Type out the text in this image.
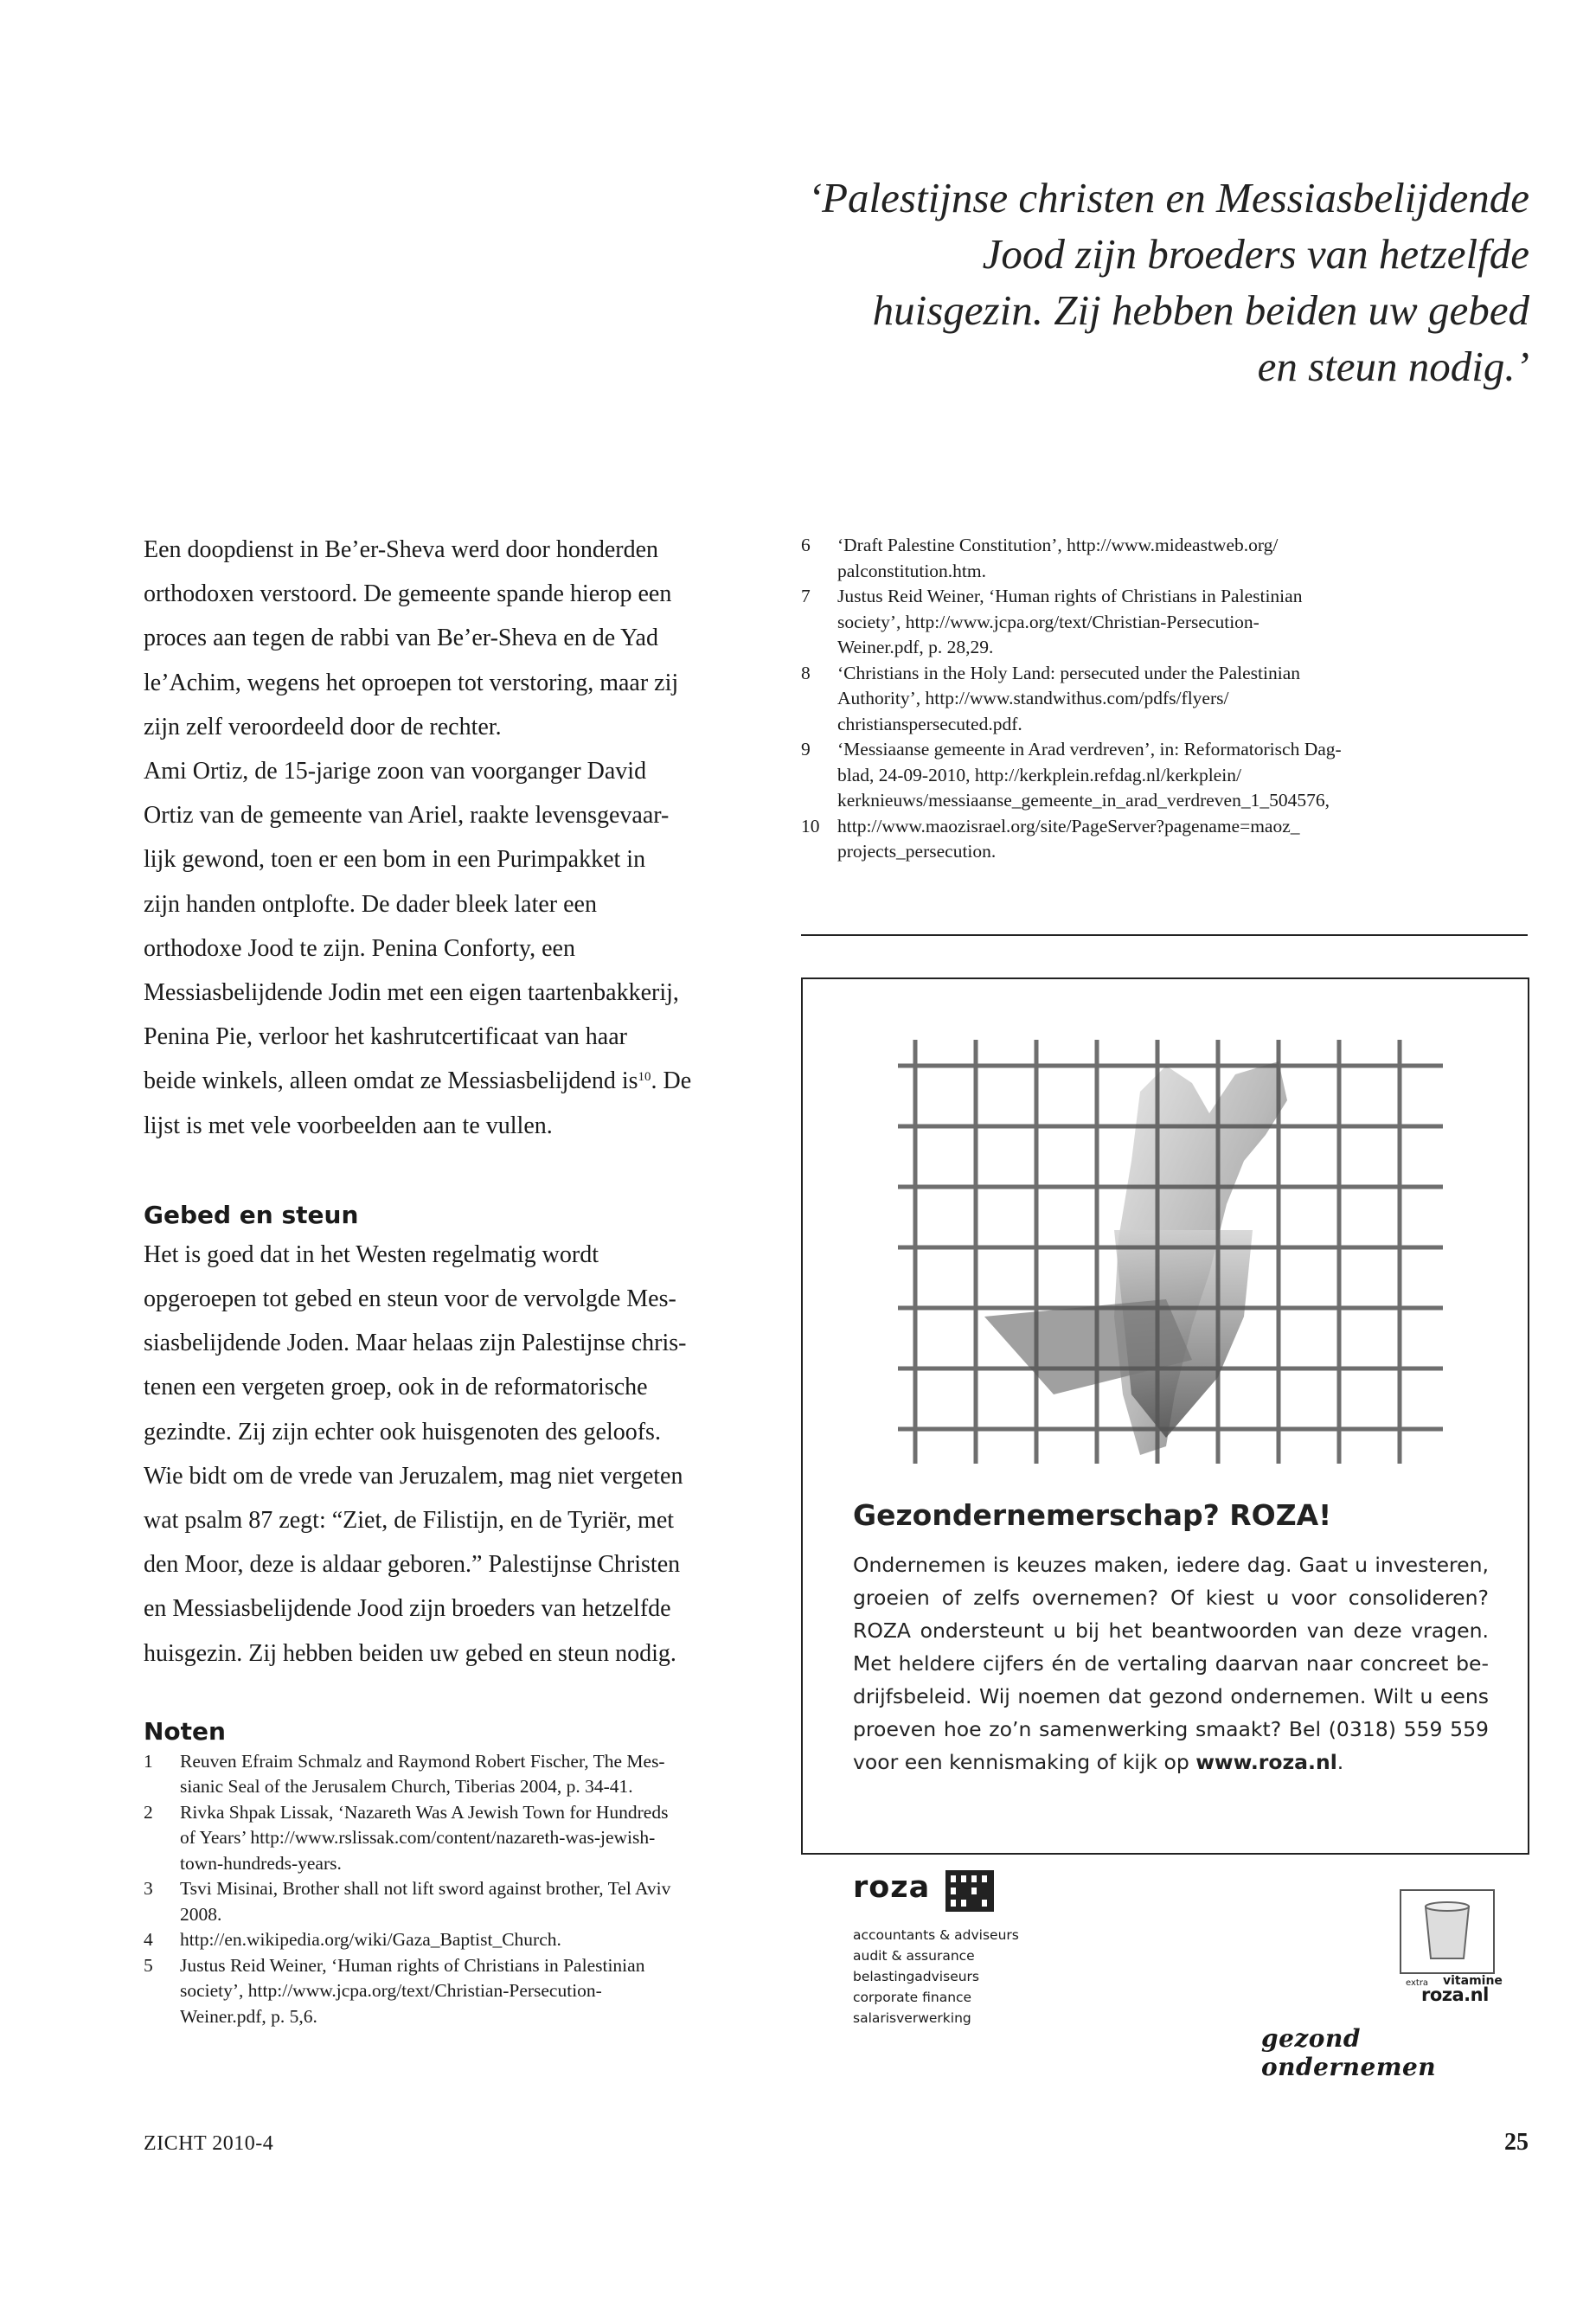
‘Palestijnse christen en Messiasbelijdende
Jood zijn broeders van hetzelfde
huisgezin. Zij hebben beiden uw gebed
en steun nodig.’

Een doopdienst in Be’er-Sheva werd door honderden
orthodoxen verstoord. De gemeente spande hierop een
proces aan tegen de rabbi van Be’er-Sheva en de Yad
le’Achim, wegens het oproepen tot verstoring, maar zij
zijn zelf veroordeeld door de rechter.

Ami Ortiz, de 15-jarige zoon van voorganger David
Ortiz van de gemeente van Ariel, raakte levensgevaar-
lijk gewond, toen er een bom in een Purimpakket in
zijn handen ontplofte. De dader bleek later een
orthodoxe Jood te zijn. Penina Conforty, een
Messiasbelijdende Jodin met een eigen taartenbakkerij,
Penina Pie, verloor het kashrutcertificaat van haar
beide winkels, alleen omdat ze Messiasbelijdend $is^{10}$. De
lijst is met vele voorbeelden aan te vullen.

Gebed en steun

Het is goed dat in het Westen regelmatig wordt
opgeroepen tot gebed en steun voor de vervolgde Mes-
siasbelijdende Joden. Maar helaas zijn Palestijnse chris-
tenen een vergeten groep, ook in de reformatorische
gezindte. Zij zijn echter ook huisgenoten des geloofs.
Wie bidt om de vrede van Jeruzalem, mag niet vergeten
wat psalm 87 zegt: “Ziet, de Filistijn, en de Tyriër, met
den Moor, deze is aldaar geboren.” Palestijnse Christen
en Messiasbelijdende Jood zijn broeders van hetzelfde
huisgezin. Zij hebben beiden uw gebed en steun nodig.

Noten
1	Reuven Efraim Schmalz and Raymond Robert Fischer, The Mes-
sianic Seal of the Jerusalem Church, Tiberias 2004, p. 34-41.
2	Rivka Shpak Lissak, ‘Nazareth Was A Jewish Town for Hundreds
of Years’ http://www.rslissak.com/content/nazareth-was-jewish-
town-hundreds-years.
3	Tsvi Misinai, Brother shall not lift sword against brother, Tel Aviv
2008.
4	http://en.wikipedia.org/wiki/Gaza_Baptist_Church.
5	Justus Reid Weiner, ‘Human rights of Christians in Palestinian
society’, http://www.jcpa.org/text/Christian-Persecution-
Weiner.pdf, p. 5,6.
6	‘Draft Palestine Constitution’, http://www.mideastweb.org/
palconstitution.htm.
7	Justus Reid Weiner, ‘Human rights of Christians in Palestinian
society’, http://www.jcpa.org/text/Christian-Persecution-
Weiner.pdf, p. 28,29.
8	‘Christians in the Holy Land: persecuted under the Palestinian
Authority’, http://www.standwithus.com/pdfs/flyers/
christianspersecuted.pdf.
9	‘Messiaanse gemeente in Arad verdreven’, in: Reformatorisch Dag-
blad, 24-09-2010, http://kerkplein.refdag.nl/kerkplein/
kerknieuws/messiaanse_gemeente_in_arad_verdreven_1_504576,
10 http://www.maozisrael.org/site/PageServer?pagename=maoz_
projects_persecution.
Gezondernemerschap? ROZA!

Ondernemen is keuzes maken, iedere dag. Gaat u investeren,
groeien of zelfs overnemen? Of kiest u voor consolideren?
ROZA ondersteunt u bij het beantwoorden van deze vragen.
Met heldere cijfers én de vertaling daarvan naar concreet be-
drijfsbeleid. Wij noemen dat gezond ondernemen. Wilt u eens
proeven hoe zo’n samenwerking smaakt? Bel (0318) 559 559
voor een kennismaking of kijk op www.roza.nl.

roza
accountants & adviseurs
audit & assurance
belastingadviseurs
corporate finance
salarisverwerking
extra vitamine
roza.nl
gezond ondernemen
ZICHT 2010-4	25
